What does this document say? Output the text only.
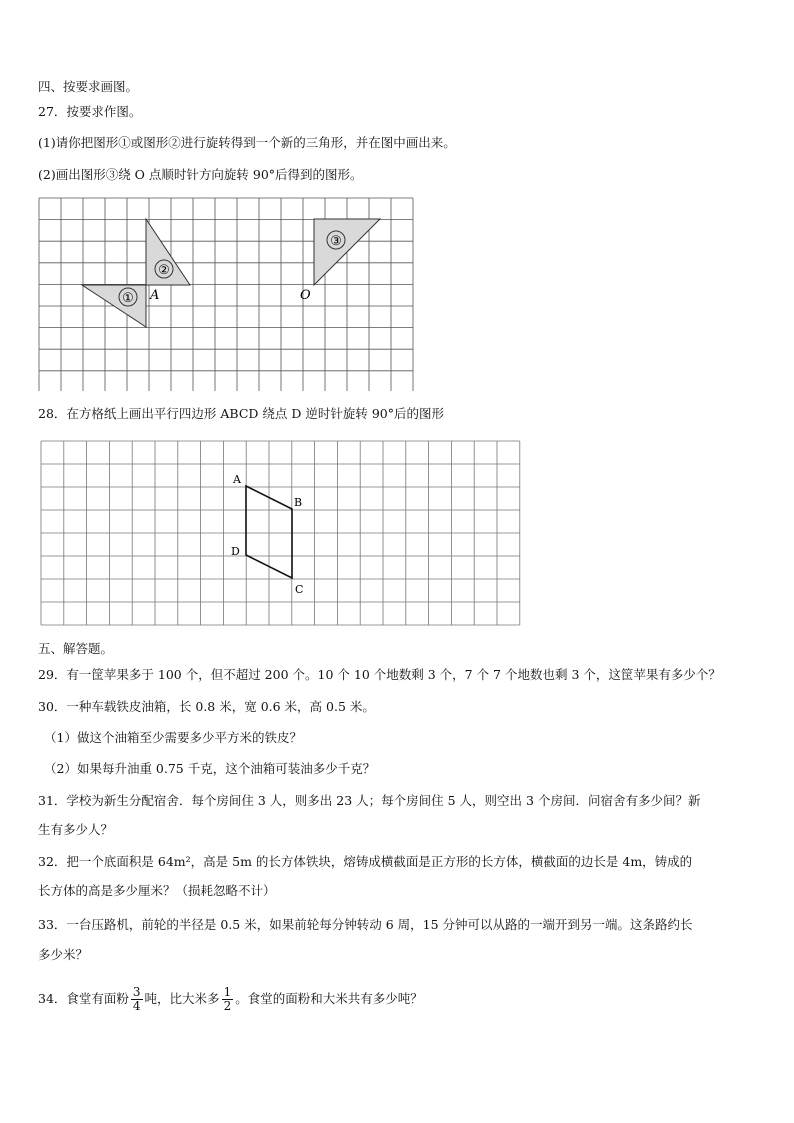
四、按要求画图。
27．按要求作图。
(1)请你把图形①或图形②进行旋转得到一个新的三角形，并在图中画出来。
(2)画出图形③绕 O 点顺时针方向旋转 90°后得到的图形。
①
②
③
A	O
28．在方格纸上画出平行四边形 ABCD 绕点 D 逆时针旋转 90°后的图形
A
B
C
D
五、解答题。
29．有一筐苹果多于 100 个，但不超过 200 个。10 个 10 个地数剩 3 个，7 个 7 个地数也剩 3 个，这筐苹果有多少个？
30．一种车载铁皮油箱，长 0.8 米，宽 0.6 米，高 0.5 米。
（1）做这个油箱至少需要多少平方米的铁皮？
（2）如果每升油重 0.75 千克，这个油箱可装油多少千克？
31．学校为新生分配宿舍．每个房间住 3 人，则多出 23 人；每个房间住 5 人，则空出 3 个房间．问宿舍有多少间？新
生有多少人？
32．把一个底面积是 64m²，高是 5m 的长方体铁块，熔铸成横截面是正方形的长方体，横截面的边长是 4m，铸成的
长方体的高是多少厘米？（损耗忽略不计）
33．一台压路机，前轮的半径是 0.5 米，如果前轮每分钟转动 6 周，15 分钟可以从路的一端开到另一端。这条路约长
多少米？
34．食堂有面粉 $\frac{3}{4}$ 吨，比大米多 $\frac{1}{2}$ 。食堂的面粉和大米共有多少吨？
